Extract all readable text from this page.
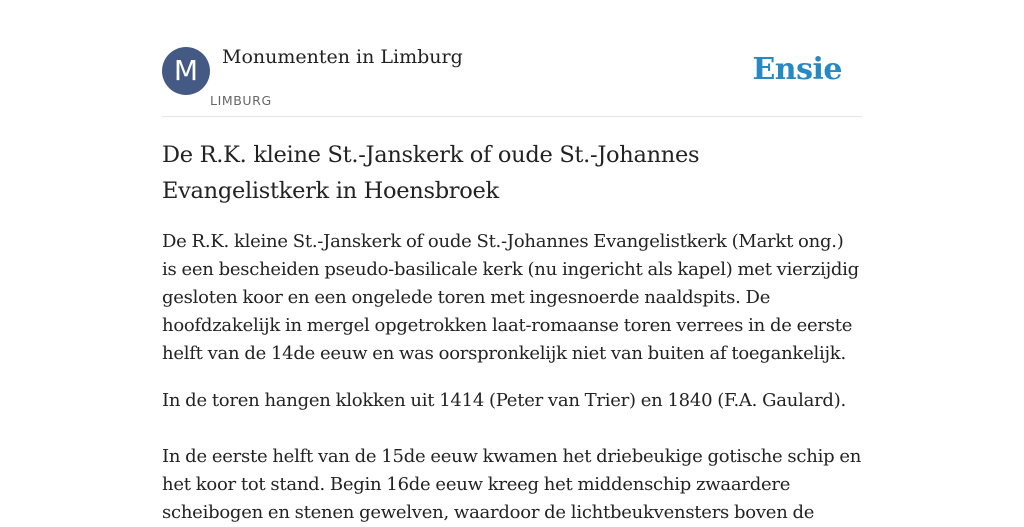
M	Monumenten in Limburg
LIMBURG
Ensie
De R.K. kleine St.-Janskerk of oude St.-Johannes Evangelistkerk in Hoensbroek

De R.K. kleine St.-Janskerk of oude St.-Johannes Evangelistkerk (Markt ong.) is een bescheiden pseudo-basilicale kerk (nu ingericht als kapel) met vierzijdig gesloten koor en een ongelede toren met ingesnoerde naaldspits. De hoofdzakelijk in mergel opgetrokken laat-romaanse toren verrees in de eerste helft van de 14de eeuw en was oorspronkelijk niet van buiten af toegankelijk.

In de toren hangen klokken uit 1414 (Peter van Trier) en 1840 (F.A. Gaulard).

In de eerste helft van de 15de eeuw kwamen het driebeukige gotische schip en het koor tot stand. Begin 16de eeuw kreeg het middenschip zwaardere scheibogen en stenen gewelven, waardoor de lichtbeukvensters boven de
